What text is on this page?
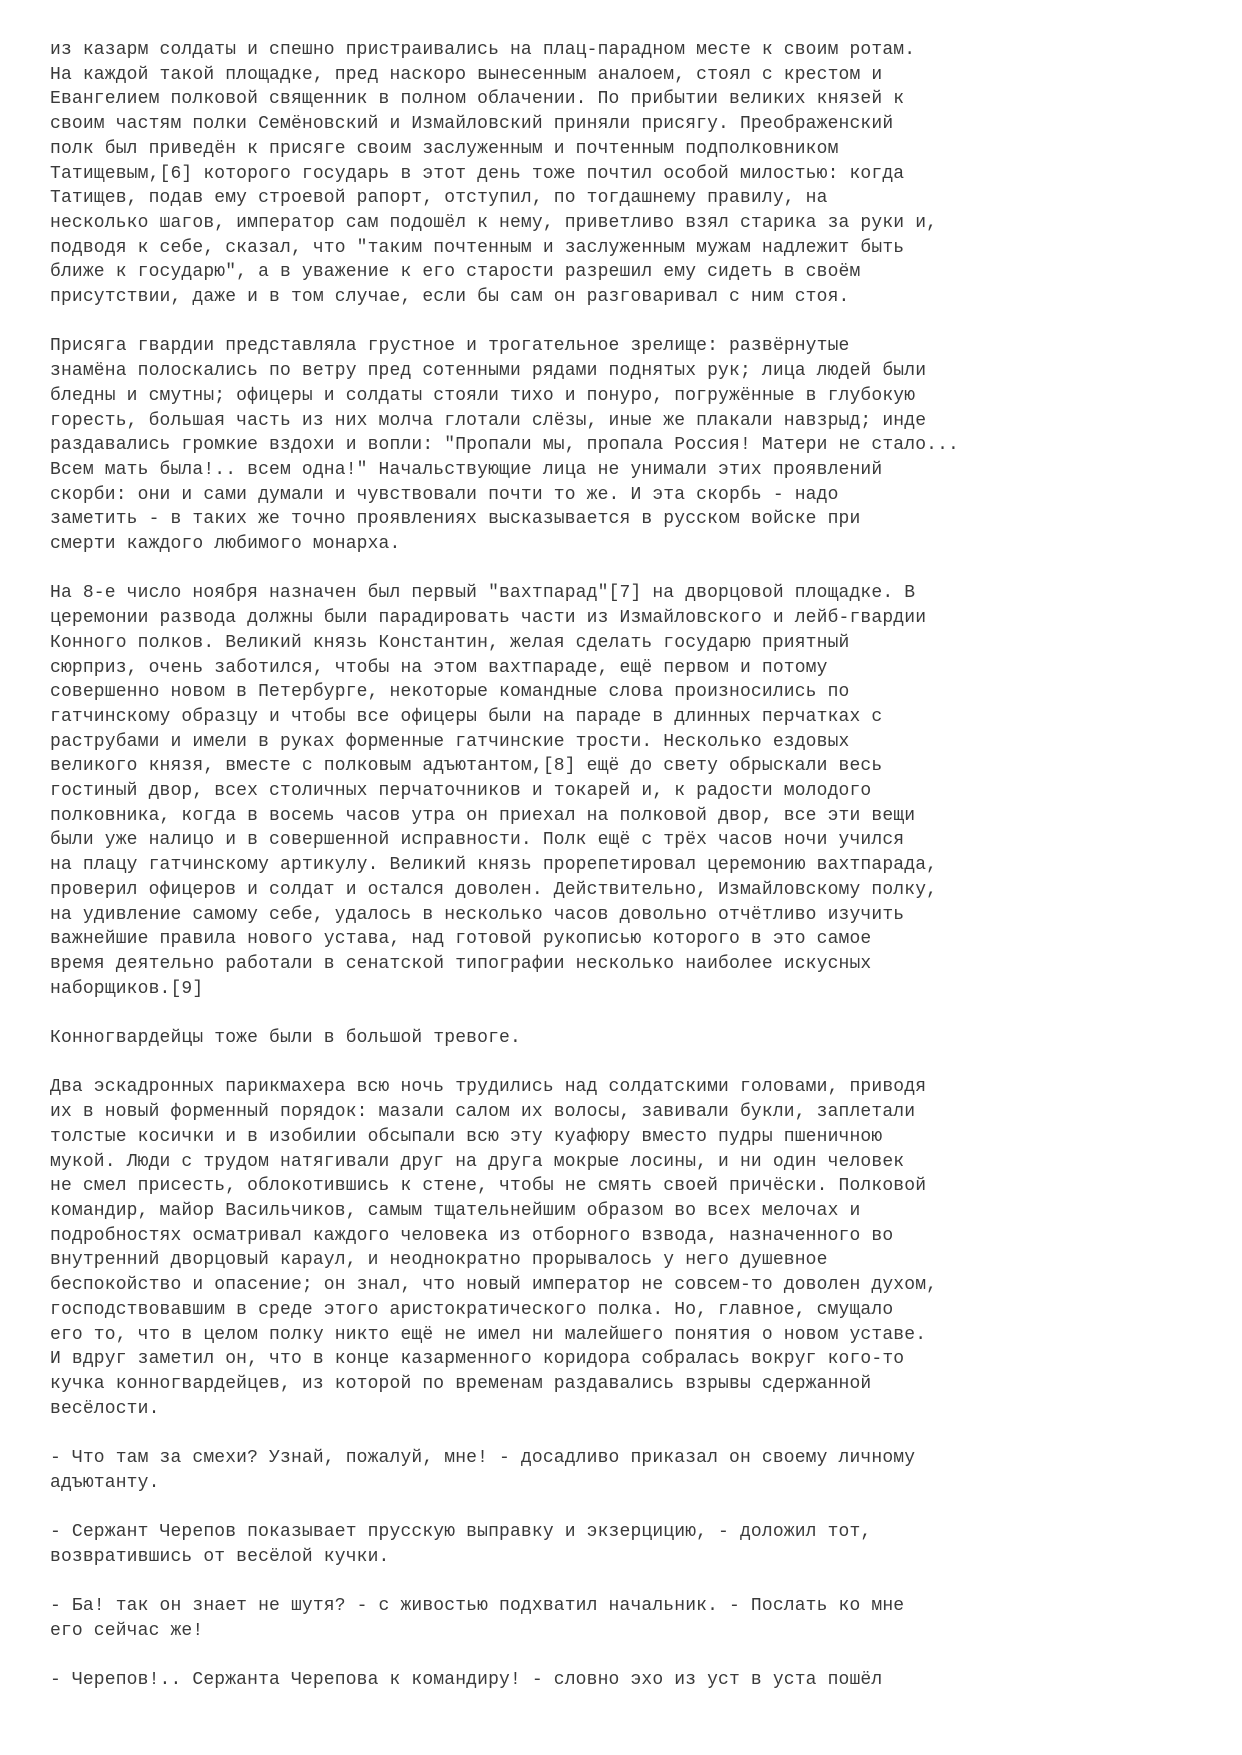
из казарм солдаты и спешно пристраивались на плац-парадном месте к своим ротам.
На каждой такой площадке, пред наскоро вынесенным аналоем, стоял с крестом и
Евангелием полковой священник в полном облачении. По прибытии великих князей к
своим частям полки Семёновский и Измайловский приняли присягу. Преображенский
полк был приведён к присяге своим заслуженным и почтенным подполковником
Татищевым,[6] которого государь в этот день тоже почтил особой милостью: когда
Татищев, подав ему строевой рапорт, отступил, по тогдашнему правилу, на
несколько шагов, император сам подошёл к нему, приветливо взял старика за руки и,
подводя к себе, сказал, что "таким почтенным и заслуженным мужам надлежит быть
ближе к государю", а в уважение к его старости разрешил ему сидеть в своём
присутствии, даже и в том случае, если бы сам он разговаривал с ним стоя.
Присяга гвардии представляла грустное и трогательное зрелище: развёрнутые
знамёна полоскались по ветру пред сотенными рядами поднятых рук; лица людей были
бледны и смутны; офицеры и солдаты стояли тихо и понуро, погружённые в глубокую
горесть, большая часть из них молча глотали слёзы, иные же плакали навзрыд; инде
раздавались громкие вздохи и вопли: "Пропали мы, пропала Россия! Матери не стало...
Всем мать была!.. всем одна!" Начальствующие лица не унимали этих проявлений
скорби: они и сами думали и чувствовали почти то же. И эта скорбь - надо
заметить - в таких же точно проявлениях высказывается в русском войске при
смерти каждого любимого монарха.
На 8-е число ноября назначен был первый "вахтпарад"[7] на дворцовой площадке. В
церемонии развода должны были парадировать части из Измайловского и лейб-гвардии
Конного полков. Великий князь Константин, желая сделать государю приятный
сюрприз, очень заботился, чтобы на этом вахтпараде, ещё первом и потому
совершенно новом в Петербурге, некоторые командные слова произносились по
гатчинскому образцу и чтобы все офицеры были на параде в длинных перчатках с
раструбами и имели в руках форменные гатчинские трости. Несколько ездовых
великого князя, вместе с полковым адъютантом,[8] ещё до свету обрыскали весь
гостиный двор, всех столичных перчаточников и токарей и, к радости молодого
полковника, когда в восемь часов утра он приехал на полковой двор, все эти вещи
были уже налицо и в совершенной исправности. Полк ещё с трёх часов ночи учился
на плацу гатчинскому артикулу. Великий князь прорепетировал церемонию вахтпарада,
проверил офицеров и солдат и остался доволен. Действительно, Измайловскому полку,
на удивление самому себе, удалось в несколько часов довольно отчётливо изучить
важнейшие правила нового устава, над готовой рукописью которого в это самое
время деятельно работали в сенатской типографии несколько наиболее искусных
наборщиков.[9]
Конногвардейцы тоже были в большой тревоге.
Два эскадронных парикмахера всю ночь трудились над солдатскими головами, приводя
их в новый форменный порядок: мазали салом их волосы, завивали букли, заплетали
толстые косички и в изобилии обсыпали всю эту куафюру вместо пудры пшеничною
мукой. Люди с трудом натягивали друг на друга мокрые лосины, и ни один человек
не смел присесть, облокотившись к стене, чтобы не смять своей причёски. Полковой
командир, майор Васильчиков, самым тщательнейшим образом во всех мелочах и
подробностях осматривал каждого человека из отборного взвода, назначенного во
внутренний дворцовый караул, и неоднократно прорывалось у него душевное
беспокойство и опасение; он знал, что новый император не совсем-то доволен духом,
господствовавшим в среде этого аристократического полка. Но, главное, смущало
его то, что в целом полку никто ещё не имел ни малейшего понятия о новом уставе.
И вдруг заметил он, что в конце казарменного коридора собралась вокруг кого-то
кучка конногвардейцев, из которой по временам раздавались взрывы сдержанной
весёлости.
- Что там за смехи? Узнай, пожалуй, мне! - досадливо приказал он своему личному
адъютанту.
- Сержант Черепов показывает прусскую выправку и экзерцицию, - доложил тот,
возвратившись от весёлой кучки.
- Ба! так он знает не шутя? - с живостью подхватил начальник. - Послать ко мне
его сейчас же!
- Черепов!.. Сержанта Черепова к командиру! - словно эхо из уст в уста пошёл
